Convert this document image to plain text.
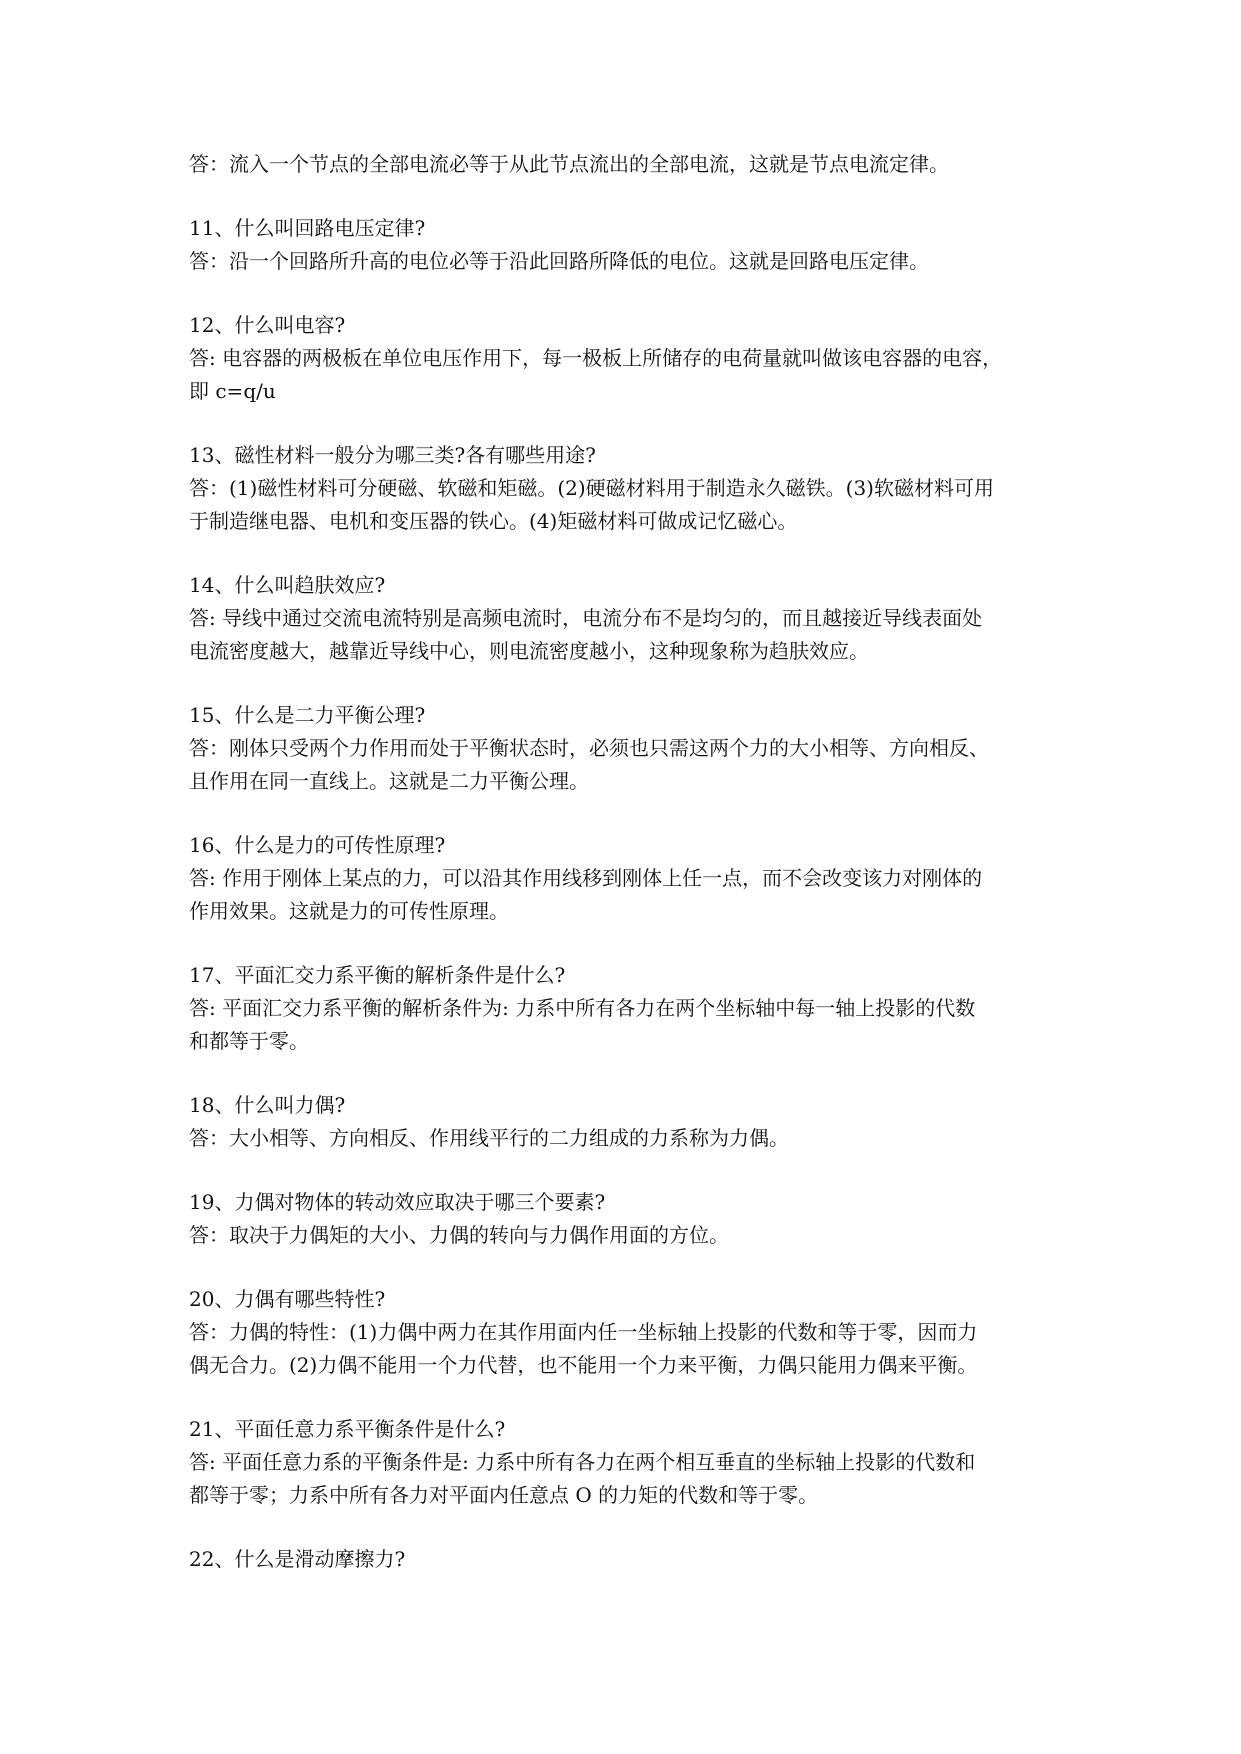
答：流入一个节点的全部电流必等于从此节点流出的全部电流，这就是节点电流定律。
11、什么叫回路电压定律?
答：沿一个回路所升高的电位必等于沿此回路所降低的电位。这就是回路电压定律。
12、什么叫电容?
答: 电容器的两极板在单位电压作用下，每一极板上所储存的电荷量就叫做该电容器的电容，
即 c=q/u
13、磁性材料一般分为哪三类?各有哪些用途?
答：(1)磁性材料可分硬磁、软磁和矩磁。(2)硬磁材料用于制造永久磁铁。(3)软磁材料可用
于制造继电器、电机和变压器的铁心。(4)矩磁材料可做成记忆磁心。
14、什么叫趋肤效应?
答: 导线中通过交流电流特别是高频电流时，电流分布不是均匀的，而且越接近导线表面处
电流密度越大，越靠近导线中心，则电流密度越小，这种现象称为趋肤效应。
15、什么是二力平衡公理?
答：刚体只受两个力作用而处于平衡状态时，必须也只需这两个力的大小相等、方向相反、
且作用在同一直线上。这就是二力平衡公理。
16、什么是力的可传性原理?
答: 作用于刚体上某点的力，可以沿其作用线移到刚体上任一点，而不会改变该力对刚体的
作用效果。这就是力的可传性原理。
17、平面汇交力系平衡的解析条件是什么?
答: 平面汇交力系平衡的解析条件为: 力系中所有各力在两个坐标轴中每一轴上投影的代数
和都等于零。
18、什么叫力偶?
答：大小相等、方向相反、作用线平行的二力组成的力系称为力偶。
19、力偶对物体的转动效应取决于哪三个要素?
答：取决于力偶矩的大小、力偶的转向与力偶作用面的方位。
20、力偶有哪些特性?
答：力偶的特性：(1)力偶中两力在其作用面内任一坐标轴上投影的代数和等于零，因而力
偶无合力。(2)力偶不能用一个力代替，也不能用一个力来平衡，力偶只能用力偶来平衡。
21、平面任意力系平衡条件是什么?
答: 平面任意力系的平衡条件是: 力系中所有各力在两个相互垂直的坐标轴上投影的代数和
都等于零；力系中所有各力对平面内任意点 O 的力矩的代数和等于零。
22、什么是滑动摩擦力?
